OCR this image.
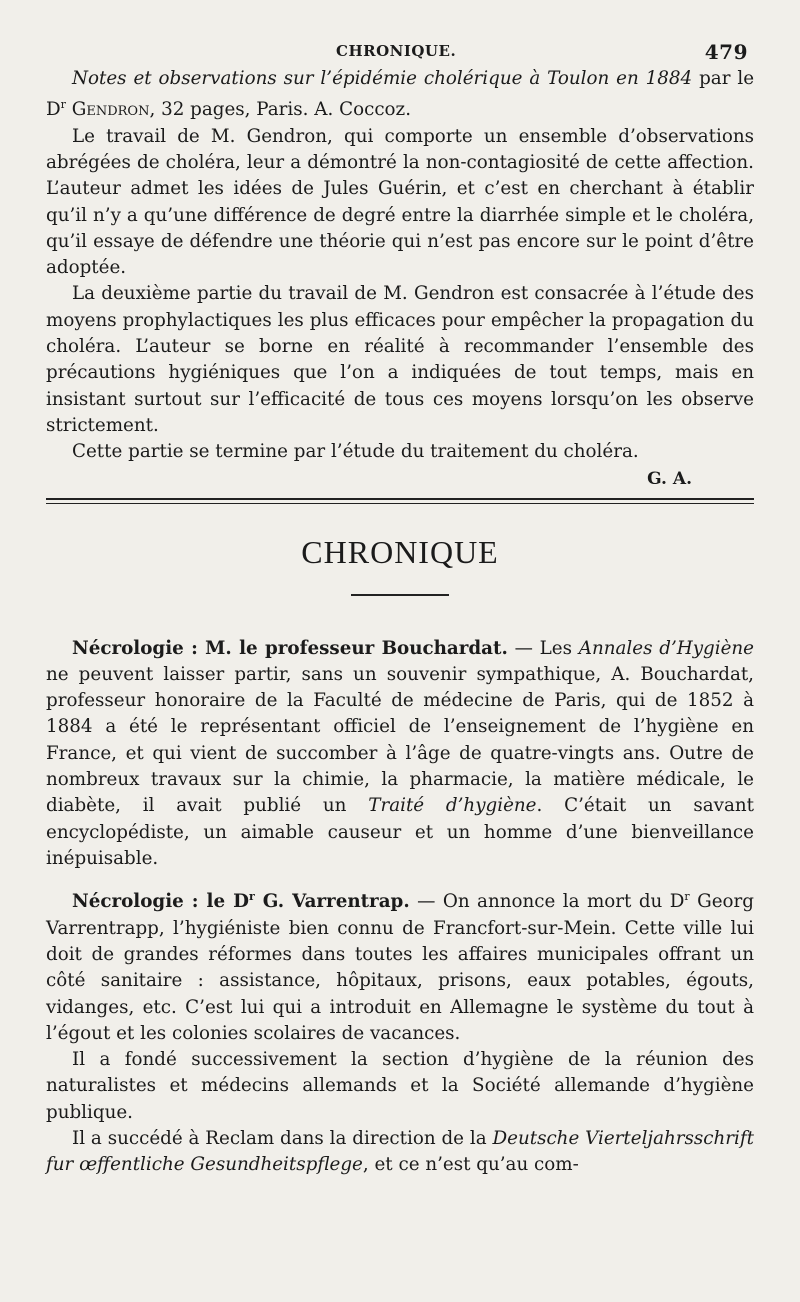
CHRONIQUE.	479

Notes et observations sur l’épidémie cholérique à Toulon en 1884 par le $D^r$ Gendron, 32 pages, Paris. A. Coccoz.

Le travail de M. Gendron, qui comporte un ensemble d’observations abrégées de choléra, leur a démontré la non-contagiosité de cette affection. L’auteur admet les idées de Jules Guérin, et c’est en cherchant à établir qu’il n’y a qu’une différence de degré entre la diarrhée simple et le choléra, qu’il essaye de défendre une théorie qui n’est pas encore sur le point d’être adoptée.

La deuxième partie du travail de M. Gendron est consacrée à l’étude des moyens prophylactiques les plus efficaces pour empêcher la propagation du choléra. L’auteur se borne en réalité à recommander l’ensemble des précautions hygiéniques que l’on a indiquées de tout temps, mais en insistant surtout sur l’efficacité de tous ces moyens lorsqu’on les observe strictement.

Cette partie se termine par l’étude du traitement du choléra.

G. A.
CHRONIQUE

Nécrologie : M. le professeur Bouchardat. — Les Annales d’Hygiène ne peuvent laisser partir, sans un souvenir sympathique, A. Bouchardat, professeur honoraire de la Faculté de médecine de Paris, qui de 1852 à 1884 a été le représentant officiel de l’enseignement de l’hygiène en France, et qui vient de succomber à l’âge de quatre-vingts ans. Outre de nombreux travaux sur la chimie, la pharmacie, la matière médicale, le diabète, il avait publié un Traité d’hygiène. C’était un savant encyclopédiste, un aimable causeur et un homme d’une bienveillance inépuisable.

Nécrologie : le $D^r$ G. Varrentrap. — On annonce la mort du $D^r$ Georg Varrentrapp, l’hygiéniste bien connu de Francfort-sur-Mein. Cette ville lui doit de grandes réformes dans toutes les affaires municipales offrant un côté sanitaire : assistance, hôpitaux, prisons, eaux potables, égouts, vidanges, etc. C’est lui qui a introduit en Allemagne le système du tout à l’égout et les colonies scolaires de vacances.

Il a fondé successivement la section d’hygiène de la réunion des naturalistes et médecins allemands et la Société allemande d’hygiène publique.

Il a succédé à Reclam dans la direction de la Deutsche Vierteljahrsschrift fur œffentliche Gesundheitspflege, et ce n’est qu’au com-
